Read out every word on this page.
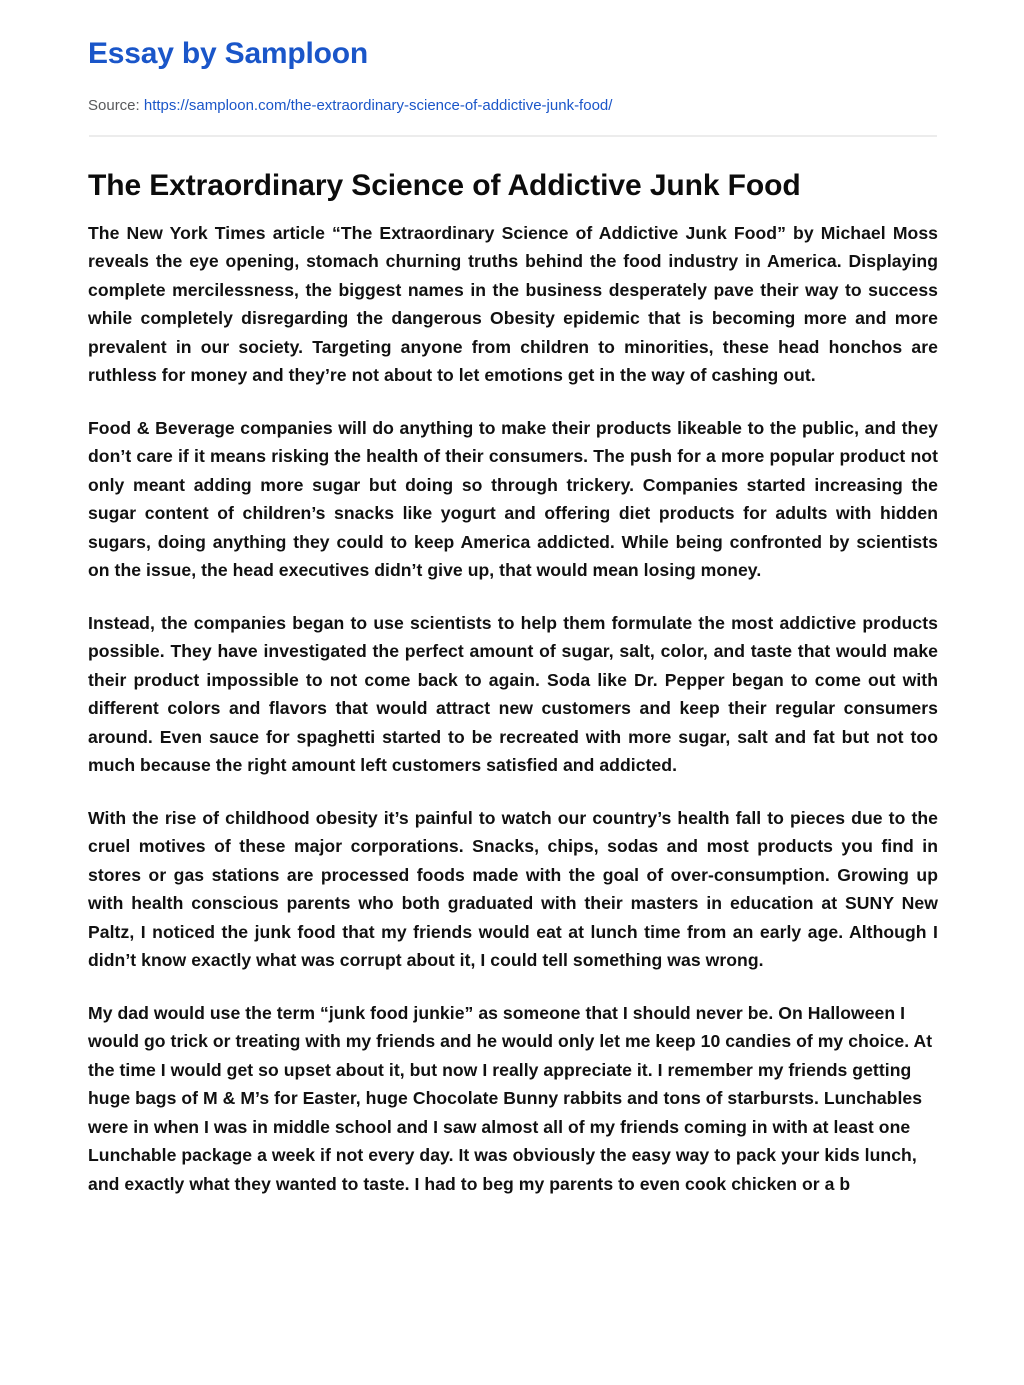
Essay by Samploon

Source: https://samploon.com/the-extraordinary-science-of-addictive-junk-food/

The Extraordinary Science of Addictive Junk Food

The New York Times article “The Extraordinary Science of Addictive Junk Food” by Michael Moss reveals the eye opening, stomach churning truths behind the food industry in America. Displaying complete mercilessness, the biggest names in the business desperately pave their way to success while completely disregarding the dangerous Obesity epidemic that is becoming more and more prevalent in our society. Targeting anyone from children to minorities, these head honchos are ruthless for money and they’re not about to let emotions get in the way of cashing out.

Food & Beverage companies will do anything to make their products likeable to the public, and they don’t care if it means risking the health of their consumers. The push for a more popular product not only meant adding more sugar but doing so through trickery. Companies started increasing the sugar content of children’s snacks like yogurt and offering diet products for adults with hidden sugars, doing anything they could to keep America addicted. While being confronted by scientists on the issue, the head executives didn’t give up, that would mean losing money.

Instead, the companies began to use scientists to help them formulate the most addictive products possible. They have investigated the perfect amount of sugar, salt, color, and taste that would make their product impossible to not come back to again. Soda like Dr. Pepper began to come out with different colors and flavors that would attract new customers and keep their regular consumers around. Even sauce for spaghetti started to be recreated with more sugar, salt and fat but not too much because the right amount left customers satisfied and addicted.

With the rise of childhood obesity it’s painful to watch our country’s health fall to pieces due to the cruel motives of these major corporations. Snacks, chips, sodas and most products you find in stores or gas stations are processed foods made with the goal of over-consumption. Growing up with health conscious parents who both graduated with their masters in education at SUNY New Paltz, I noticed the junk food that my friends would eat at lunch time from an early age. Although I didn’t know exactly what was corrupt about it, I could tell something was wrong.

My dad would use the term “junk food junkie” as someone that I should never be. On Halloween I would go trick or treating with my friends and he would only let me keep 10 candies of my choice. At the time I would get so upset about it, but now I really appreciate it. I remember my friends getting huge bags of M & M’s for Easter, huge Chocolate Bunny rabbits and tons of starbursts. Lunchables were in when I was in middle school and I saw almost all of my friends coming in with at least one Lunchable package a week if not every day. It was obviously the easy way to pack your kids lunch, and exactly what they wanted to taste. I had to beg my parents to even cook chicken or a b
